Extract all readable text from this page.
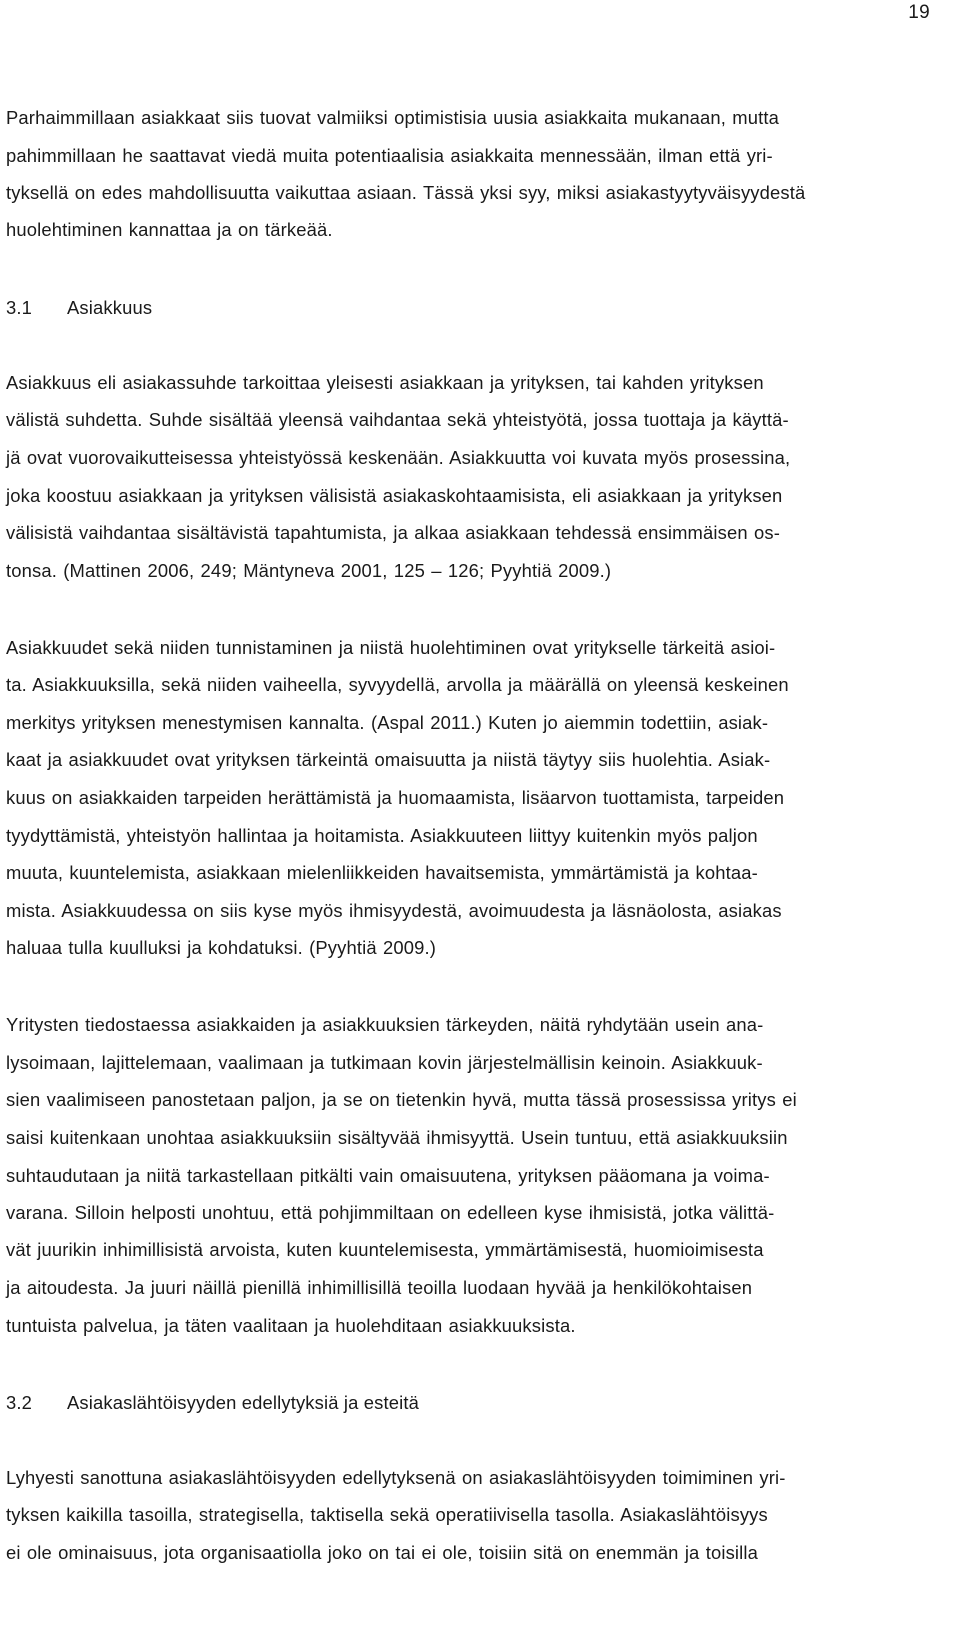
19
Parhaimmillaan asiakkaat siis tuovat valmiiksi optimistisia uusia asiakkaita mukanaan, mutta
pahimmillaan he saattavat viedä muita potentiaalisia asiakkaita mennessään, ilman että yri-
tyksellä on edes mahdollisuutta vaikuttaa asiaan. Tässä yksi syy, miksi asiakastyytyväisyydestä
huolehtiminen kannattaa ja on tärkeää.
3.1 Asiakkuus
Asiakkuus eli asiakassuhde tarkoittaa yleisesti asiakkaan ja yrityksen, tai kahden yrityksen
välistä suhdetta. Suhde sisältää yleensä vaihdantaa sekä yhteistyötä, jossa tuottaja ja käyttä-
jä ovat vuorovaikutteisessa yhteistyössä keskenään. Asiakkuutta voi kuvata myös prosessina,
joka koostuu asiakkaan ja yrityksen välisistä asiakaskohtaamisista, eli asiakkaan ja yrityksen
välisistä vaihdantaa sisältävistä tapahtumista, ja alkaa asiakkaan tehdessä ensimmäisen os-
tonsa. (Mattinen 2006, 249; Mäntyneva 2001, 125 – 126; Pyyhtiä 2009.)
Asiakkuudet sekä niiden tunnistaminen ja niistä huolehtiminen ovat yritykselle tärkeitä asioi-
ta. Asiakkuuksilla, sekä niiden vaiheella, syvyydellä, arvolla ja määrällä on yleensä keskeinen
merkitys yrityksen menestymisen kannalta. (Aspal 2011.) Kuten jo aiemmin todettiin, asiak-
kaat ja asiakkuudet ovat yrityksen tärkeintä omaisuutta ja niistä täytyy siis huolehtia. Asiak-
kuus on asiakkaiden tarpeiden herättämistä ja huomaamista, lisäarvon tuottamista, tarpeiden
tyydyttämistä, yhteistyön hallintaa ja hoitamista. Asiakkuuteen liittyy kuitenkin myös paljon
muuta, kuuntelemista, asiakkaan mielenliikkeiden havaitsemista, ymmärtämistä ja kohtaa-
mista. Asiakkuudessa on siis kyse myös ihmisyydestä, avoimuudesta ja läsnäolosta, asiakas
haluaa tulla kuulluksi ja kohdatuksi. (Pyyhtiä 2009.)
Yritysten tiedostaessa asiakkaiden ja asiakkuuksien tärkeyden, näitä ryhdytään usein ana-
lysoimaan, lajittelemaan, vaalimaan ja tutkimaan kovin järjestelmällisin keinoin. Asiakkuuk-
sien vaalimiseen panostetaan paljon, ja se on tietenkin hyvä, mutta tässä prosessissa yritys ei
saisi kuitenkaan unohtaa asiakkuuksiin sisältyvää ihmisyyttä. Usein tuntuu, että asiakkuuksiin
suhtaudutaan ja niitä tarkastellaan pitkälti vain omaisuutena, yrityksen pääomana ja voima-
varana. Silloin helposti unohtuu, että pohjimmiltaan on edelleen kyse ihmisistä, jotka välittä-
vät juurikin inhimillisistä arvoista, kuten kuuntelemisesta, ymmärtämisestä, huomioimisesta
ja aitoudesta. Ja juuri näillä pienillä inhimillisillä teoilla luodaan hyvää ja henkilökohtaisen
tuntuista palvelua, ja täten vaalitaan ja huolehditaan asiakkuuksista.
3.2 Asiakaslähtöisyyden edellytyksiä ja esteitä
Lyhyesti sanottuna asiakaslähtöisyyden edellytyksenä on asiakaslähtöisyyden toimiminen yri-
tyksen kaikilla tasoilla, strategisella, taktisella sekä operatiivisella tasolla. Asiakaslähtöisyys
ei ole ominaisuus, jota organisaatiolla joko on tai ei ole, toisiin sitä on enemmän ja toisilla
